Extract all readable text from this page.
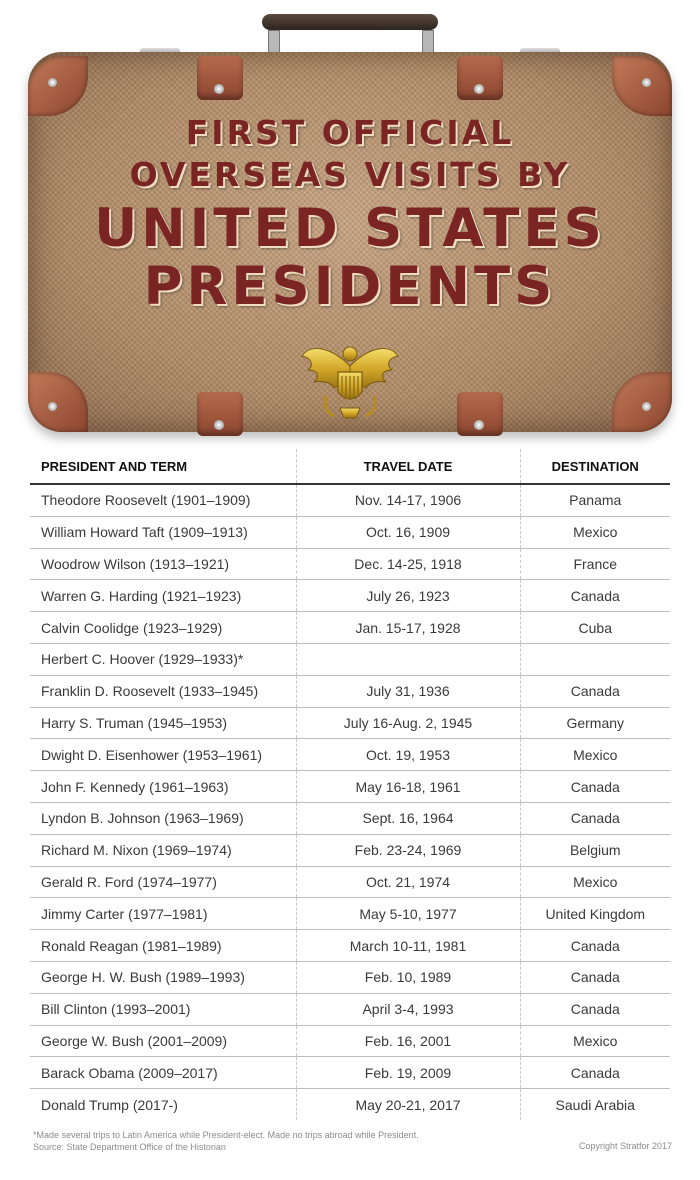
FIRST OFFICIAL
OVERSEAS VISITS BY
UNITED STATES
PRESIDENTS
PRESIDENT AND TERM	TRAVEL DATE	DESTINATION
Theodore Roosevelt (1901–1909)	Nov. 14-17, 1906	Panama
William Howard Taft (1909–1913)	Oct. 16, 1909	Mexico
Woodrow Wilson (1913–1921)	Dec. 14-25, 1918	France
Warren G. Harding (1921–1923)	July 26, 1923	Canada
Calvin Coolidge (1923–1929)	Jan. 15-17, 1928	Cuba
Herbert C. Hoover (1929–1933)*		
Franklin D. Roosevelt (1933–1945)	July 31, 1936	Canada
Harry S. Truman (1945–1953)	July 16-Aug. 2, 1945	Germany
Dwight D. Eisenhower (1953–1961)	Oct. 19, 1953	Mexico
John F. Kennedy (1961–1963)	May 16-18, 1961	Canada
Lyndon B. Johnson (1963–1969)	Sept. 16, 1964	Canada
Richard M. Nixon (1969–1974)	Feb. 23-24, 1969	Belgium
Gerald R. Ford (1974–1977)	Oct. 21, 1974	Mexico
Jimmy Carter (1977–1981)	May 5-10, 1977	United Kingdom
Ronald Reagan (1981–1989)	March 10-11, 1981	Canada
George H. W. Bush (1989–1993)	Feb. 10, 1989	Canada
Bill Clinton (1993–2001)	April 3-4, 1993	Canada
George W. Bush (2001–2009)	Feb. 16, 2001	Mexico
Barack Obama (2009–2017)	Feb. 19, 2009	Canada
Donald Trump (2017-)	May 20-21, 2017	Saudi Arabia
*Made several trips to Latin America while President-elect. Made no trips abroad while President.
Source: State Department Office of the Historian	Copyright Stratfor 2017
